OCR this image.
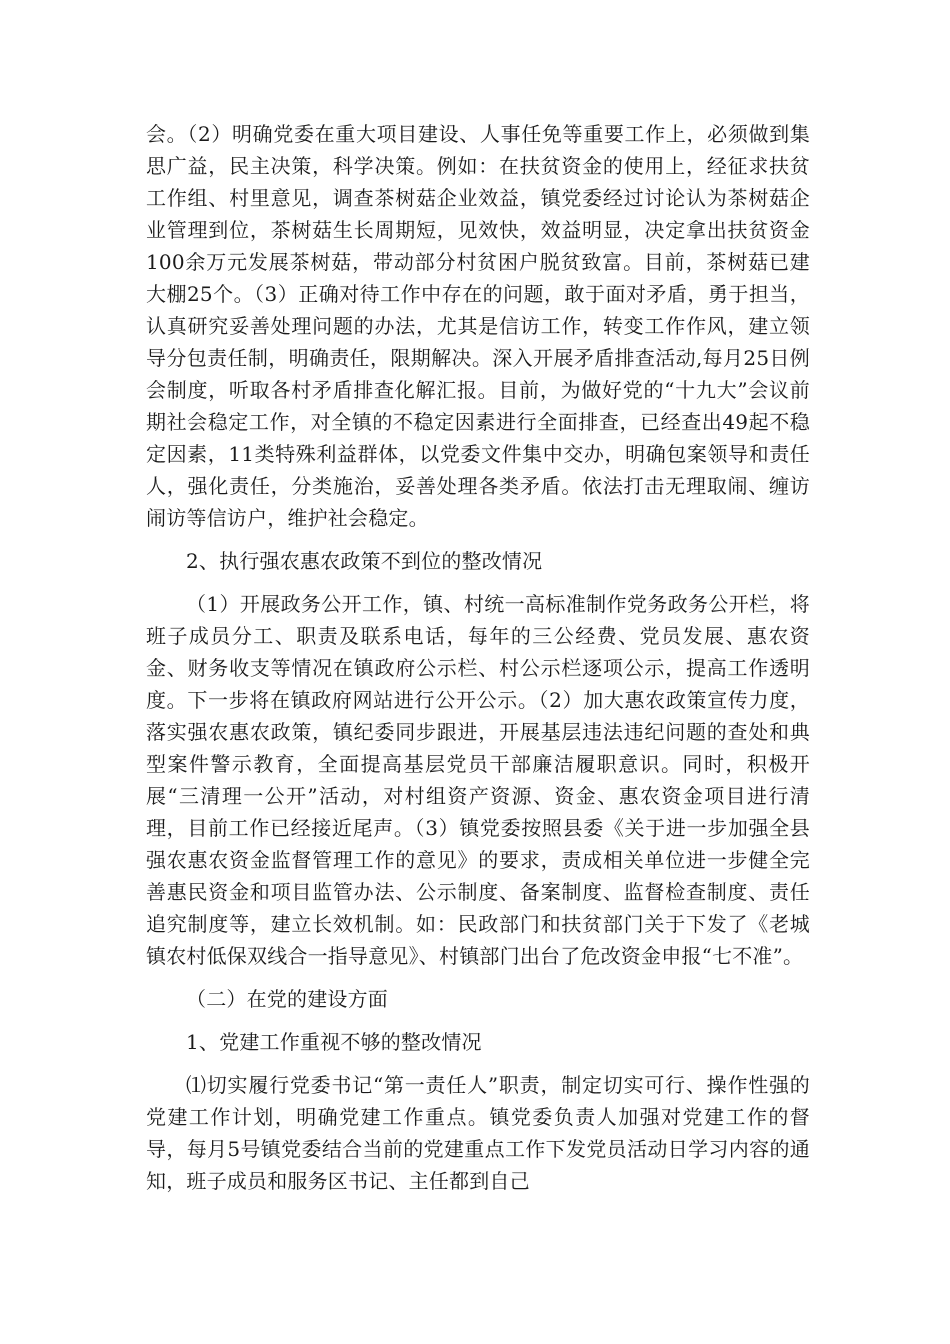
会。（2）明确党委在重大项目建设、人事任免等重要工作上，必须做到集思广益，民主决策，科学决策。例如：在扶贫资金的使用上，经征求扶贫工作组、村里意见，调查茶树菇企业效益，镇党委经过讨论认为茶树菇企业管理到位，茶树菇生长周期短，见效快，效益明显，决定拿出扶贫资金100余万元发展茶树菇，带动部分村贫困户脱贫致富。目前，茶树菇已建大棚25个。（3）正确对待工作中存在的问题，敢于面对矛盾，勇于担当，认真研究妥善处理问题的办法，尤其是信访工作，转变工作作风，建立领导分包责任制，明确责任，限期解决。深入开展矛盾排查活动,每月25日例会制度，听取各村矛盾排查化解汇报。目前，为做好党的“十九大”会议前期社会稳定工作，对全镇的不稳定因素进行全面排查，已经查出49起不稳定因素，11类特殊利益群体，以党委文件集中交办，明确包案领导和责任人，强化责任，分类施治，妥善处理各类矛盾。依法打击无理取闹、缠访闹访等信访户，维护社会稳定。

2、执行强农惠农政策不到位的整改情况

（1）开展政务公开工作，镇、村统一高标准制作党务政务公开栏，将班子成员分工、职责及联系电话，每年的三公经费、党员发展、惠农资金、财务收支等情况在镇政府公示栏、村公示栏逐项公示，提高工作透明度。下一步将在镇政府网站进行公开公示。（2）加大惠农政策宣传力度，落实强农惠农政策，镇纪委同步跟进，开展基层违法违纪问题的查处和典型案件警示教育，全面提高基层党员干部廉洁履职意识。同时，积极开展“三清理一公开”活动，对村组资产资源、资金、惠农资金项目进行清理，目前工作已经接近尾声。（3）镇党委按照县委《关于进一步加强全县强农惠农资金监督管理工作的意见》的要求，责成相关单位进一步健全完善惠民资金和项目监管办法、公示制度、备案制度、监督检查制度、责任追究制度等，建立长效机制。如：民政部门和扶贫部门关于下发了《老城镇农村低保双线合一指导意见》、村镇部门出台了危改资金申报“七不准”。

（二）在党的建设方面

1、党建工作重视不够的整改情况

⑴切实履行党委书记“第一责任人”职责，制定切实可行、操作性强的党建工作计划，明确党建工作重点。镇党委负责人加强对党建工作的督导，每月5号镇党委结合当前的党建重点工作下发党员活动日学习内容的通知，班子成员和服务区书记、主任都到自己
